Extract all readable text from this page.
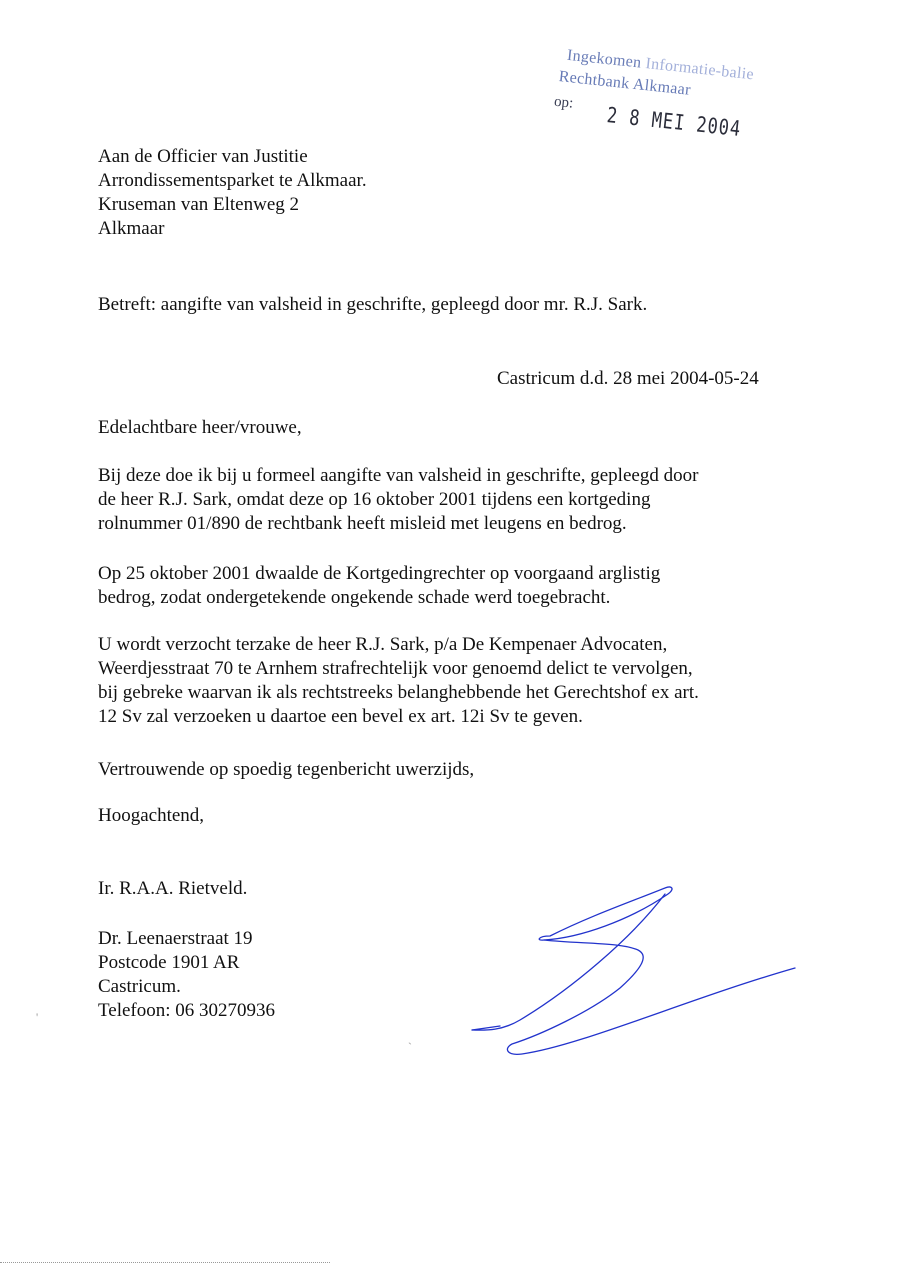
Ingekomen Informatie-balie
Rechtbank Alkmaar
op:
2 8 MEI 2004
Aan de Officier van Justitie
Arrondissementsparket te Alkmaar.
Kruseman van Eltenweg 2
Alkmaar
Betreft: aangifte van valsheid in geschrifte, gepleegd door mr. R.J. Sark.
Castricum d.d. 28 mei 2004-05-24
Edelachtbare heer/vrouwe,
Bij deze doe ik bij u formeel aangifte van valsheid in geschrifte, gepleegd door
de heer R.J. Sark, omdat deze op 16 oktober 2001 tijdens een kortgeding
rolnummer 01/890 de rechtbank heeft misleid met leugens en bedrog.
Op 25 oktober 2001 dwaalde de Kortgedingrechter op voorgaand arglistig
bedrog, zodat ondergetekende ongekende schade werd toegebracht.
U wordt verzocht terzake de heer R.J. Sark, p/a De Kempenaer Advocaten,
Weerdjesstraat 70 te Arnhem strafrechtelijk voor genoemd delict te vervolgen,
bij gebreke waarvan ik als rechtstreeks belanghebbende het Gerechtshof ex art.
12 Sv zal verzoeken u daartoe een bevel ex art. 12i Sv te geven.
Vertrouwende op spoedig tegenbericht uwerzijds,
Hoogachtend,
Ir. R.A.A. Rietveld.
Dr. Leenaerstraat 19
Postcode 1901 AR
Castricum.
Telefoon: 06 30270936
'
`
